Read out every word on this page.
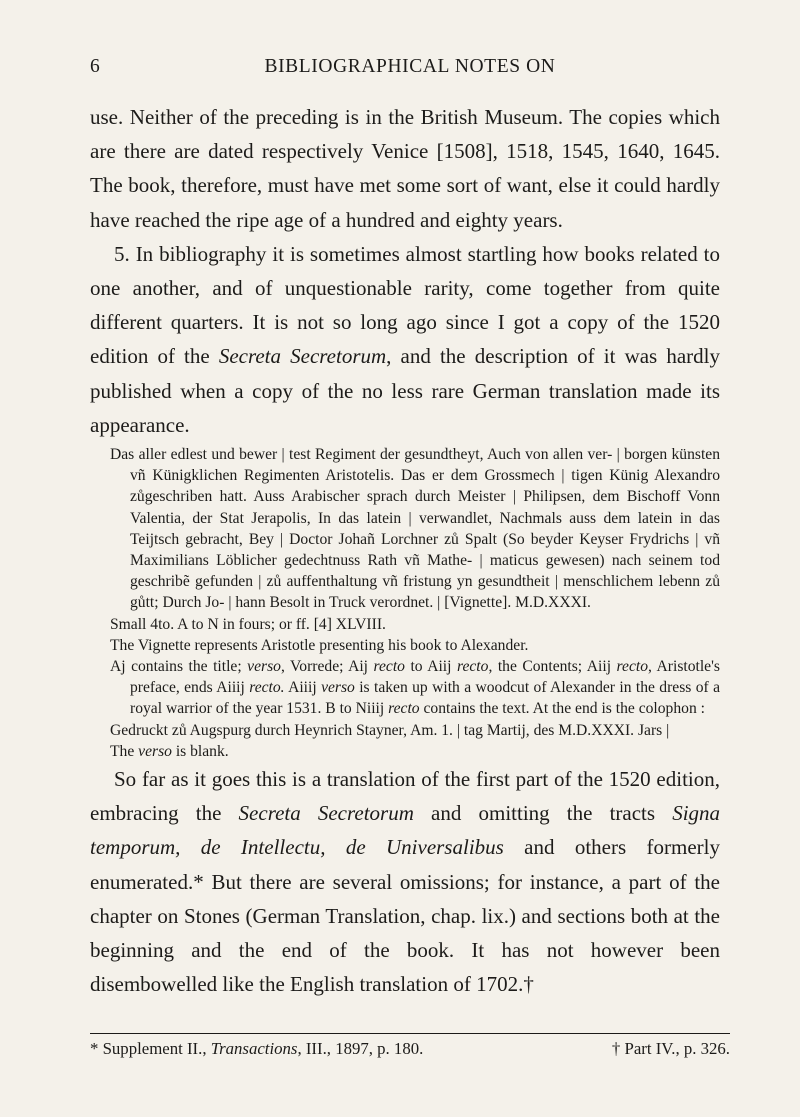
6	BIBLIOGRAPHICAL NOTES ON

use. Neither of the preceding is in the British Museum. The copies which are there are dated respectively Venice [1508], 1518, 1545, 1640, 1645. The book, therefore, must have met some sort of want, else it could hardly have reached the ripe age of a hundred and eighty years.

5. In bibliography it is sometimes almost startling how books related to one another, and of unquestionable rarity, come together from quite different quarters. It is not so long ago since I got a copy of the 1520 edition of the Secreta Secretorum, and the description of it was hardly published when a copy of the no less rare German translation made its appearance.

Das aller edlest und bewer | test Regiment der gesundtheyt, Auch von allen ver- | borgen künsten vñ Künigklichen Regimenten Aristotelis. Das er dem Grossmech | tigen Künig Alexandro zůgeschriben hatt. Auss Arabischer sprach durch Meister | Philipsen, dem Bischoff Vonn Valentia, der Stat Jerapolis, In das latein | verwandlet, Nachmals auss dem latein in das Teijtsch gebracht, Bey | Doctor Johañ Lorchner zů Spalt (So beyder Keyser Frydrichs | vñ Maximilians Löblicher gedechtnuss Rath vñ Mathe- | maticus gewesen) nach seinem tod geschribẽ gefunden | zů auffenthaltung vñ fristung yn gesundtheit | menschlichem lebenn zů gůtt; Durch Jo- | hann Besolt in Truck verordnet. | [Vignette]. M.D.XXXI.

Small 4to. A to N in fours; or ff. [4] XLVIII.

The Vignette represents Aristotle presenting his book to Alexander.

Aj contains the title; verso, Vorrede; Aij recto to Aiij recto, the Contents; Aiij recto, Aristotle's preface, ends Aiiij recto. Aiiij verso is taken up with a woodcut of Alexander in the dress of a royal warrior of the year 1531. B to Niiij recto contains the text. At the end is the colophon :

Gedruckt zů Augspurg durch Heynrich Stayner, Am. 1. | tag Martij, des M.D.XXXI. Jars |

The verso is blank.

So far as it goes this is a translation of the first part of the 1520 edition, embracing the Secreta Secretorum and omitting the tracts Signa temporum, de Intellectu, de Universalibus and others formerly enumerated.* But there are several omissions; for instance, a part of the chapter on Stones (German Translation, chap. lix.) and sections both at the beginning and the end of the book. It has not however been disembowelled like the English translation of 1702.†

* Supplement II., Transactions, III., 1897, p. 180.	† Part IV., p. 326.
